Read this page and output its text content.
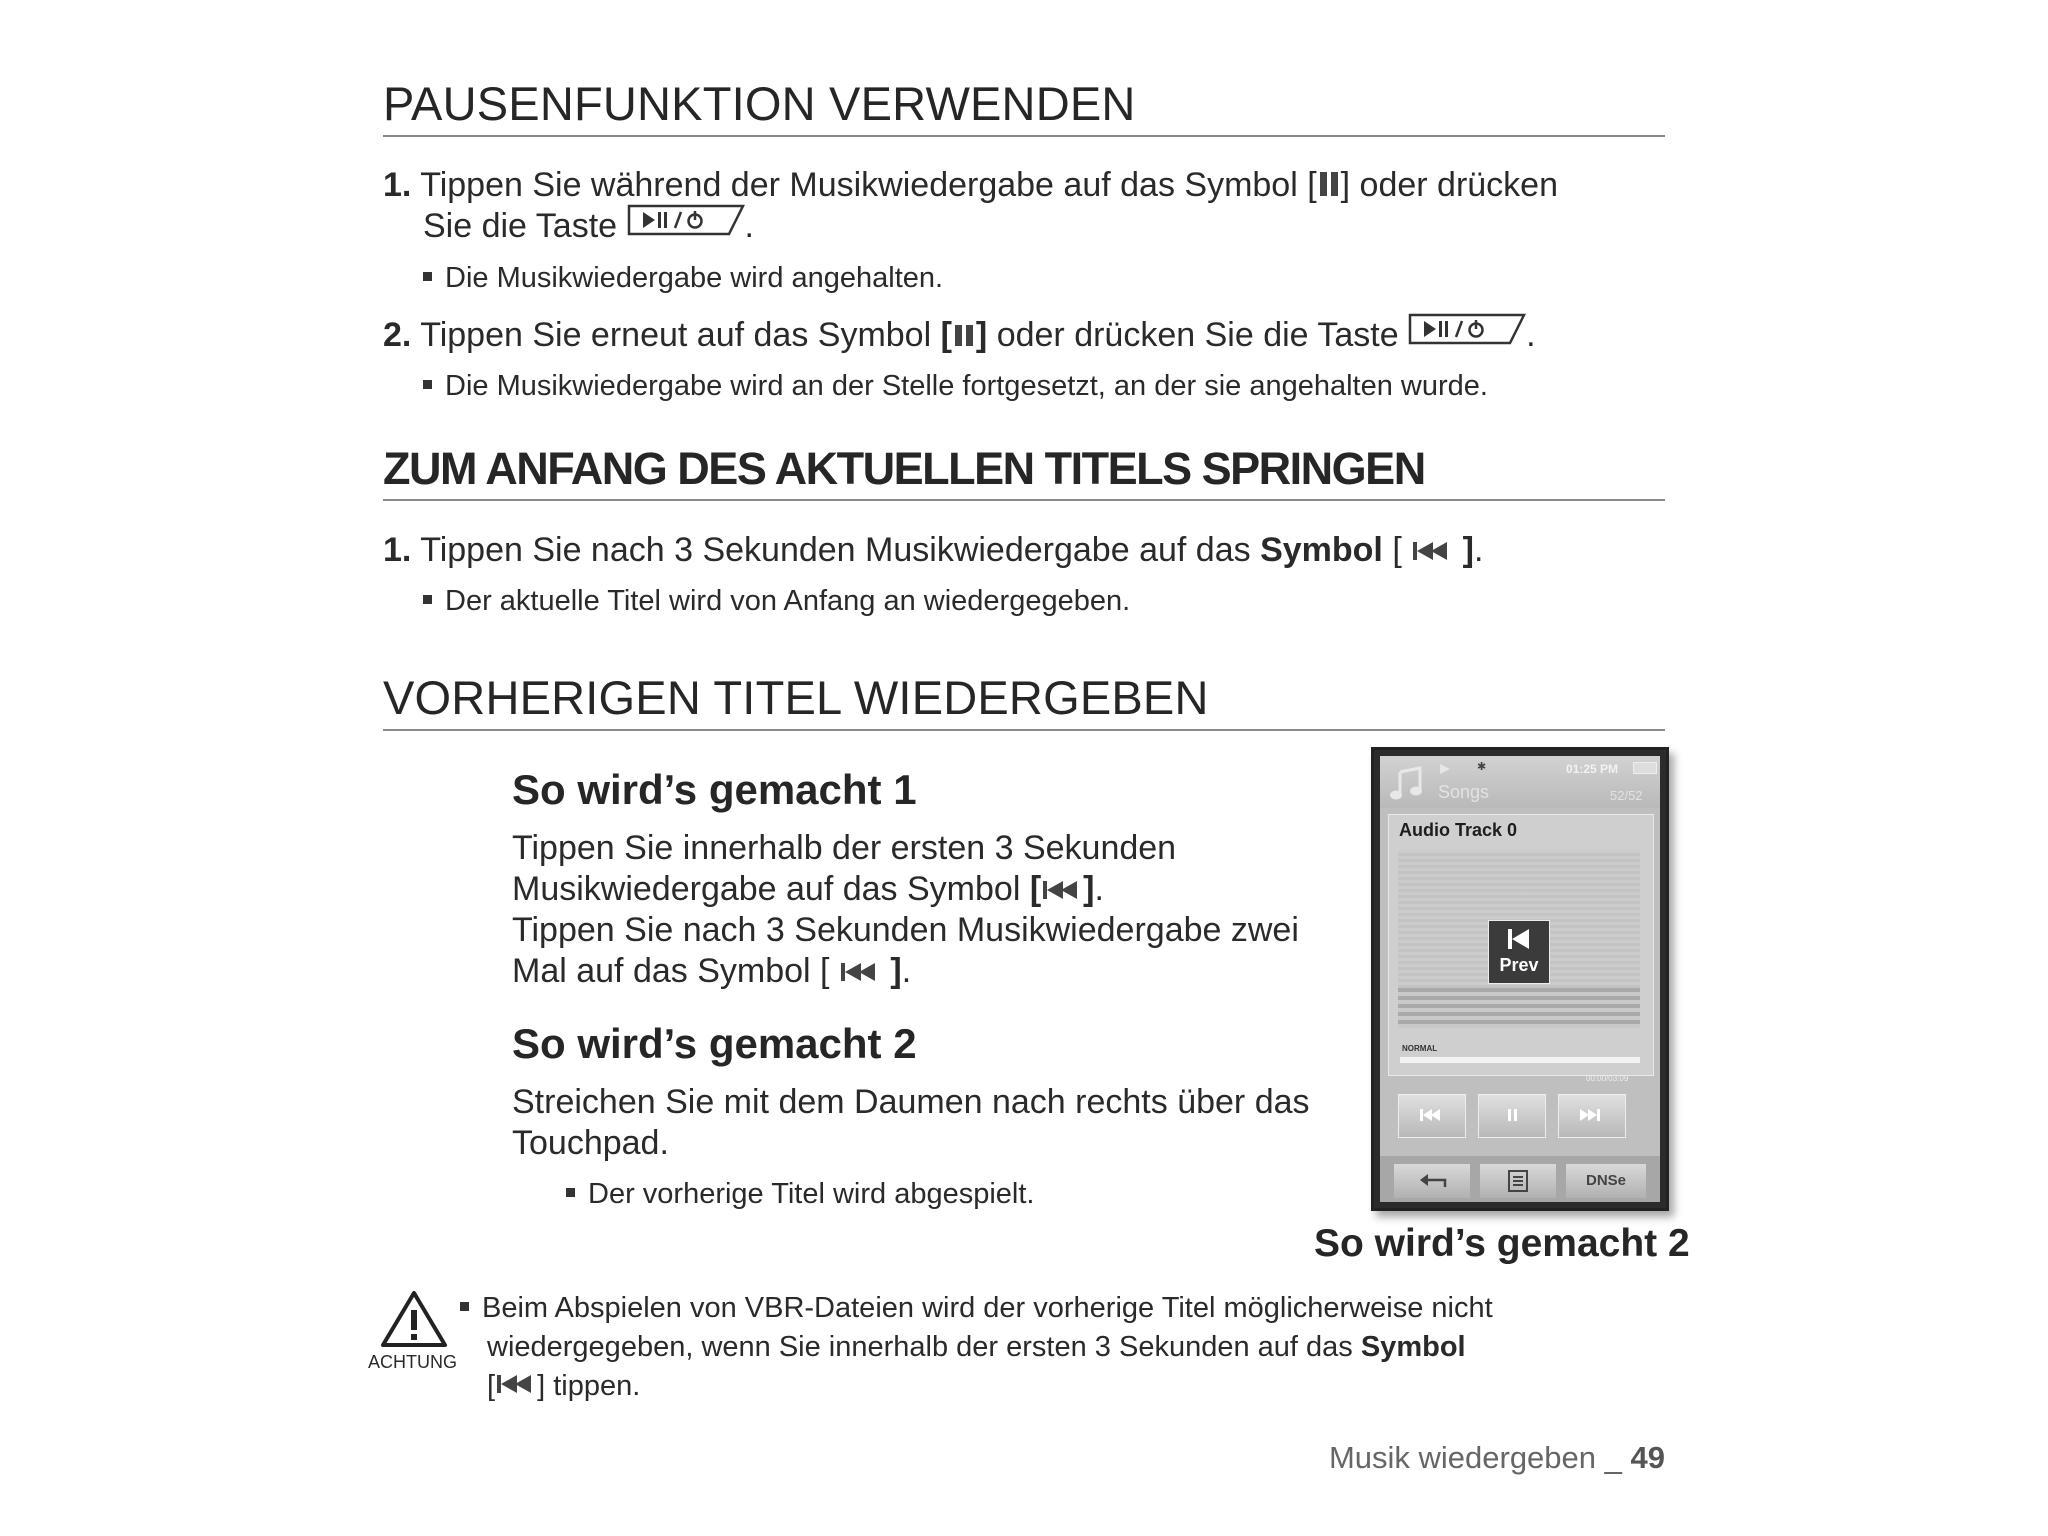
PAUSENFUNKTION VERWENDEN
1. Tippen Sie während der Musikwiedergabe auf das Symbol [ ] oder drücken
Sie die Taste	.
Die Musikwiedergabe wird angehalten.
2. Tippen Sie erneut auf das Symbol [ ] oder drücken Sie die Taste	.
Die Musikwiedergabe wird an der Stelle fortgesetzt, an der sie angehalten wurde.
ZUM ANFANG DES AKTUELLEN TITELS SPRINGEN
1. Tippen Sie nach 3 Sekunden Musikwiedergabe auf das Symbol [  ].
Der aktuelle Titel wird von Anfang an wiedergegeben.
VORHERIGEN TITEL WIEDERGEBEN
So wird’s gemacht 1
Tippen Sie innerhalb der ersten 3 Sekunden
Musikwiedergabe auf das Symbol [ ].
Tippen Sie nach 3 Sekunden Musikwiedergabe zwei
Mal auf das Symbol [  ].
So wird’s gemacht 2
Streichen Sie mit dem Daumen nach rechts über das
Touchpad.
Der vorherige Titel wird abgespielt.
✱	01:25 PM
Songs	52/52
Audio Track 0
Prev
NORMAL
00:00/03:09
DNSe
So wird’s gemacht 2
ACHTUNG
Beim Abspielen von VBR-Dateien wird der vorherige Titel möglicherweise nicht
wiedergegeben, wenn Sie innerhalb der ersten 3 Sekunden auf das Symbol
[ ] tippen.
Musik wiedergeben _ 49
